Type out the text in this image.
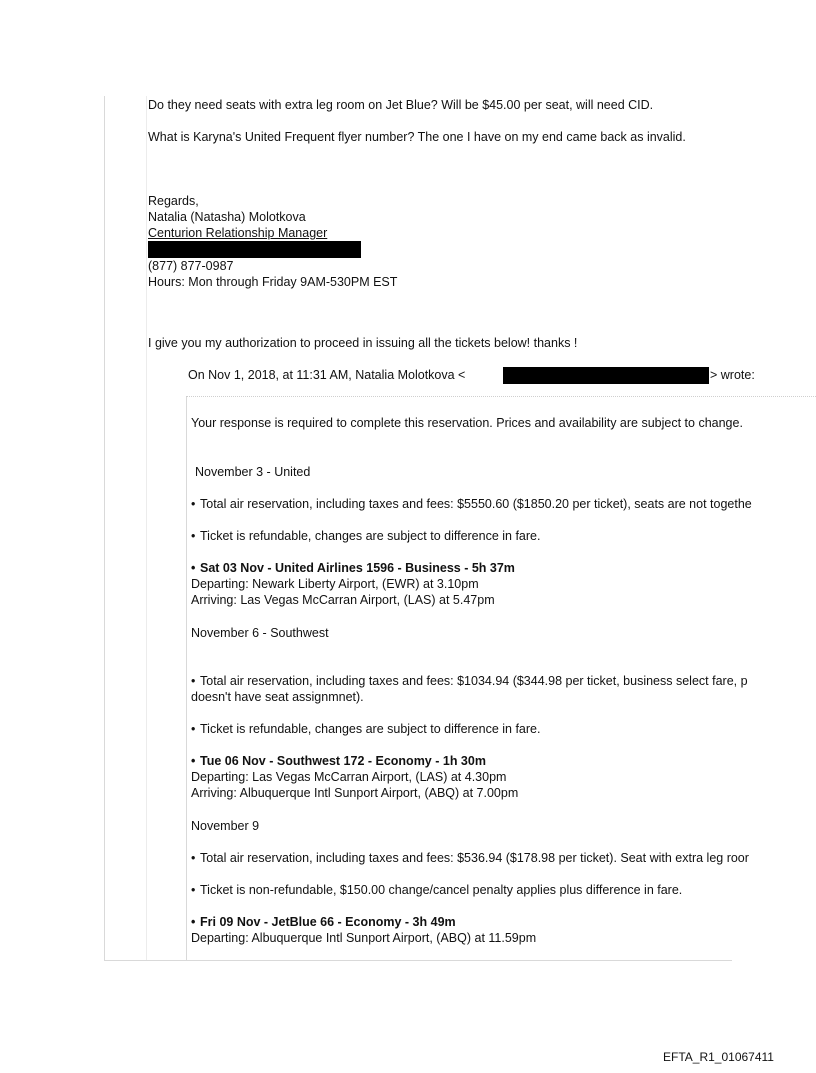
Do they need seats with extra leg room on Jet Blue? Will be $45.00 per seat, will need CID.
What is Karyna's United Frequent flyer number? The one I have on my end came back as invalid.
Regards,
Natalia (Natasha) Molotkova
Centurion Relationship Manager
(877) 877-0987
Hours: Mon through Friday 9AM-530PM EST
I give you my authorization to proceed in issuing all the tickets below! thanks !
On Nov 1, 2018, at 11:31 AM, Natalia Molotkova <	> wrote:
Your response is required to complete this reservation. Prices and availability are subject to change.
November 3 - United
• Total air reservation, including taxes and fees: $5550.60 ($1850.20 per ticket), seats are not togethe
• Ticket is refundable, changes are subject to difference in fare.
• Sat 03 Nov - United Airlines 1596 - Business - 5h 37m
Departing: Newark Liberty Airport, (EWR) at 3.10pm
Arriving: Las Vegas McCarran Airport, (LAS) at 5.47pm
November 6 - Southwest
• Total air reservation, including taxes and fees: $1034.94 ($344.98 per ticket, business select fare, p
doesn't have seat assignmnet).
• Ticket is refundable, changes are subject to difference in fare.
• Tue 06 Nov - Southwest 172 - Economy - 1h 30m
Departing: Las Vegas McCarran Airport, (LAS) at 4.30pm
Arriving: Albuquerque Intl Sunport Airport, (ABQ) at 7.00pm
November 9
• Total air reservation, including taxes and fees: $536.94 ($178.98 per ticket). Seat with extra leg roor
• Ticket is non-refundable, $150.00 change/cancel penalty applies plus difference in fare.
• Fri 09 Nov - JetBlue 66 - Economy - 3h 49m
Departing: Albuquerque Intl Sunport Airport, (ABQ) at 11.59pm
EFTA_R1_01067411
